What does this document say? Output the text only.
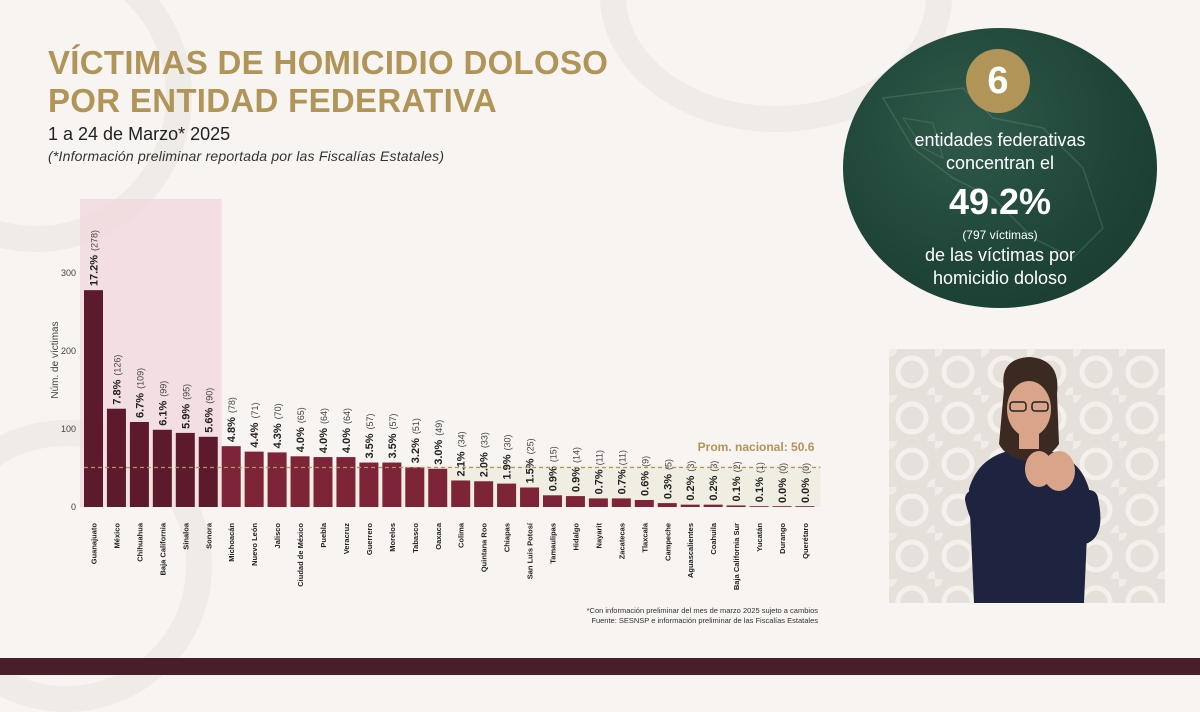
VÍCTIMAS DE HOMICIDIO DOLOSO
POR ENTIDAD FEDERATIVA
1 a 24 de Marzo* 2025
(*Información preliminar reportada por las Fiscalías Estatales)
0
100
200
300
Núm. de víctimas
17.2%(278)
Guanajuato
7.8%(126)
México
6.7%(109)
Chihuahua
6.1%(99)
Baja California
5.9%(95)
Sinaloa
5.6%(90)
Sonora
4.8%(78)
Michoacán
4.4%(71)
Nuevo León
4.3%(70)
Jalisco
4.0%(65)
Ciudad de México
4.0%(64)
Puebla
4.0%(64)
Veracruz
3.5%(57)
Guerrero
3.5%(57)
Morelos
3.2%(51)
Tabasco
3.0%(49)
Oaxaca
2.1%(34)
Colima
2.0%(33)
Quintana Roo
1.9%(30)
Chiapas
1.5%(25)
San Luis Potosí
0.9%(15)
Tamaulipas
0.9%(14)
Hidalgo
0.7%(11)
Nayarit
0.7%(11)
Zacatecas
0.6%(9)
Tlaxcala
0.3%(5)
Campeche
0.2%(3)
Aguascalientes
0.2%(3)
Coahuila
0.1%(2)
Baja California Sur
0.1%(1)
Yucatán
0.0%(0)
Durango
0.0%(0)
Querétaro
Prom. nacional: 50.6
*Con información preliminar del mes de marzo 2025 sujeto a cambios
Fuente: SESNSP e información preliminar de las Fiscalías Estatales
6
entidades federativas
concentran el
49.2%
(797 víctimas)
de las víctimas por
homicidio doloso
